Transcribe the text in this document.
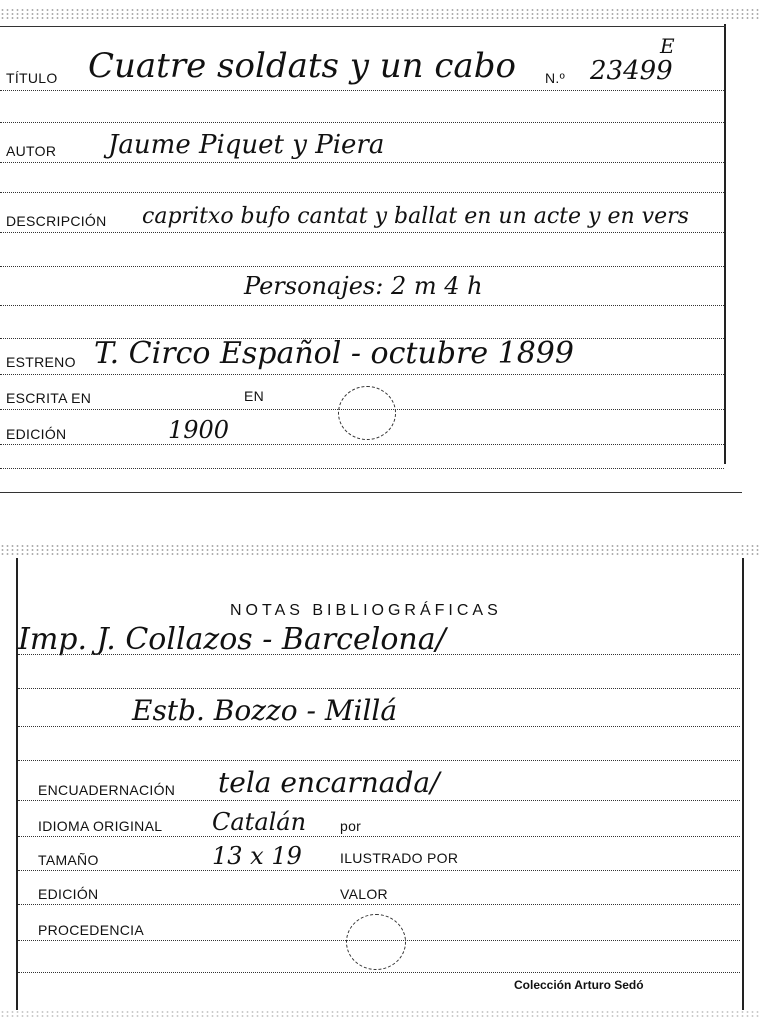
TÍTULO Cuatre soldats y un cabo N.º 23499
E
AUTOR Jaume Piquet y Piera
DESCRIPCIÓN capritxo bufo cantat y ballat en un acte y en vers
Personajes: 2 m 4 h
ESTRENO T. Circo Español - octubre 1899
ESCRITA EN	EN
EDICIÓN	1900
NOTAS BIBLIOGRÁFICAS
Imp. J. Collazos - Barcelona/
Estb. Bozzo - Millá
ENCUADERNACIÓN tela encarnada/
IDIOMA ORIGINAL Catalán por
TAMAÑO	13 x 19	ILUSTRADO POR
EDICIÓN	VALOR
PROCEDENCIA
Colección Arturo Sedó
